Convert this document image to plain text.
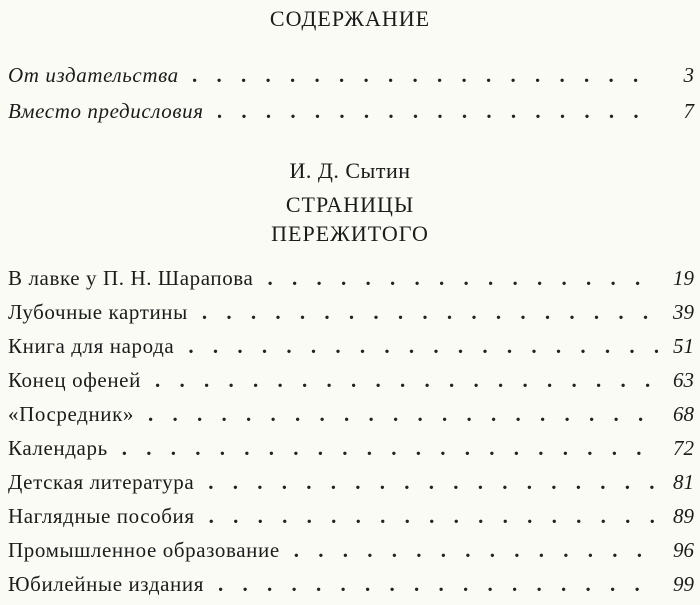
СОДЕРЖАНИЕ
От издательства . . .	3
Вместо предисловия . . .	7
И. Д. Сытин
СТРАНИЦЫ
ПЕРЕЖИТОГО
В лавке у П. Н. Шарапова . . .	19
Лубочные картины . . .	39
Книга для народа . . .	51
Конец офеней . . .	63
«Посредник» . . .	68
Календарь . . .	72
Детская литература . . .	81
Наглядные пособия . . .	89
Промышленное образование . . .	96
Юбилейные издания . . .	99
